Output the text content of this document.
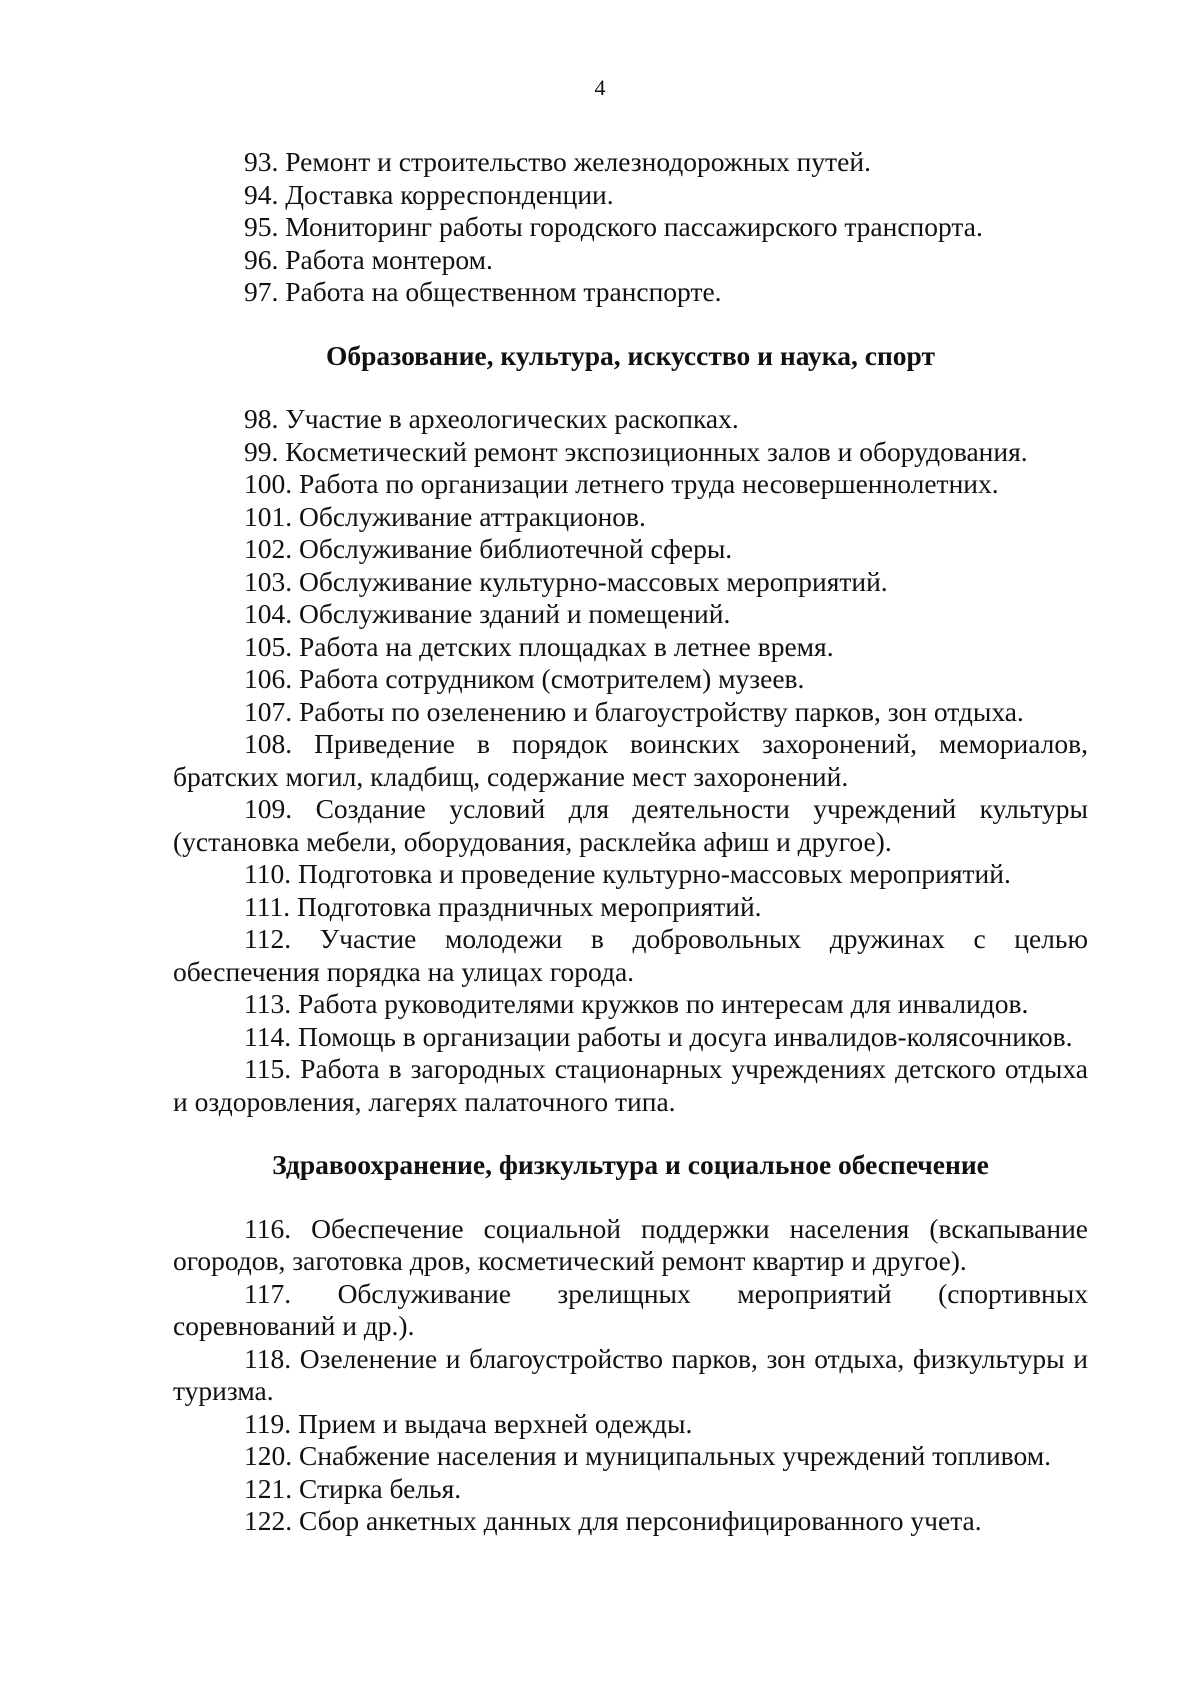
4

93. Ремонт и строительство железнодорожных путей.

94. Доставка корреспонденции.

95. Мониторинг работы городского пассажирского транспорта.

96. Работа монтером.

97. Работа на общественном транспорте.

Образование, культура, искусство и наука, спорт

98. Участие в археологических раскопках.

99. Косметический ремонт экспозиционных залов и оборудования.

100. Работа по организации летнего труда несовершеннолетних.

101. Обслуживание аттракционов.

102. Обслуживание библиотечной сферы.

103. Обслуживание культурно-массовых мероприятий.

104. Обслуживание зданий и помещений.

105. Работа на детских площадках в летнее время.

106. Работа сотрудником (смотрителем) музеев.

107. Работы по озеленению и благоустройству парков, зон отдыха.

108. Приведение в порядок воинских захоронений, мемориалов, братских могил, кладбищ, содержание мест захоронений.

109. Создание условий для деятельности учреждений культуры (установка мебели, оборудования, расклейка афиш и другое).

110. Подготовка и проведение культурно-массовых мероприятий.

111. Подготовка праздничных мероприятий.

112. Участие молодежи в добровольных дружинах с целью обеспечения порядка на улицах города.

113. Работа руководителями кружков по интересам для инвалидов.

114. Помощь в организации работы и досуга инвалидов-колясочников.

115. Работа в загородных стационарных учреждениях детского отдыха и оздоровления, лагерях палаточного типа.

Здравоохранение, физкультура и социальное обеспечение

116. Обеспечение социальной поддержки населения (вскапывание огородов, заготовка дров, косметический ремонт квартир и другое).

117. Обслуживание зрелищных мероприятий (спортивных соревнований и др.).

118. Озеленение и благоустройство парков, зон отдыха, физкультуры и туризма.

119. Прием и выдача верхней одежды.

120. Снабжение населения и муниципальных учреждений топливом.

121. Стирка белья.

122. Сбор анкетных данных для персонифицированного учета.
